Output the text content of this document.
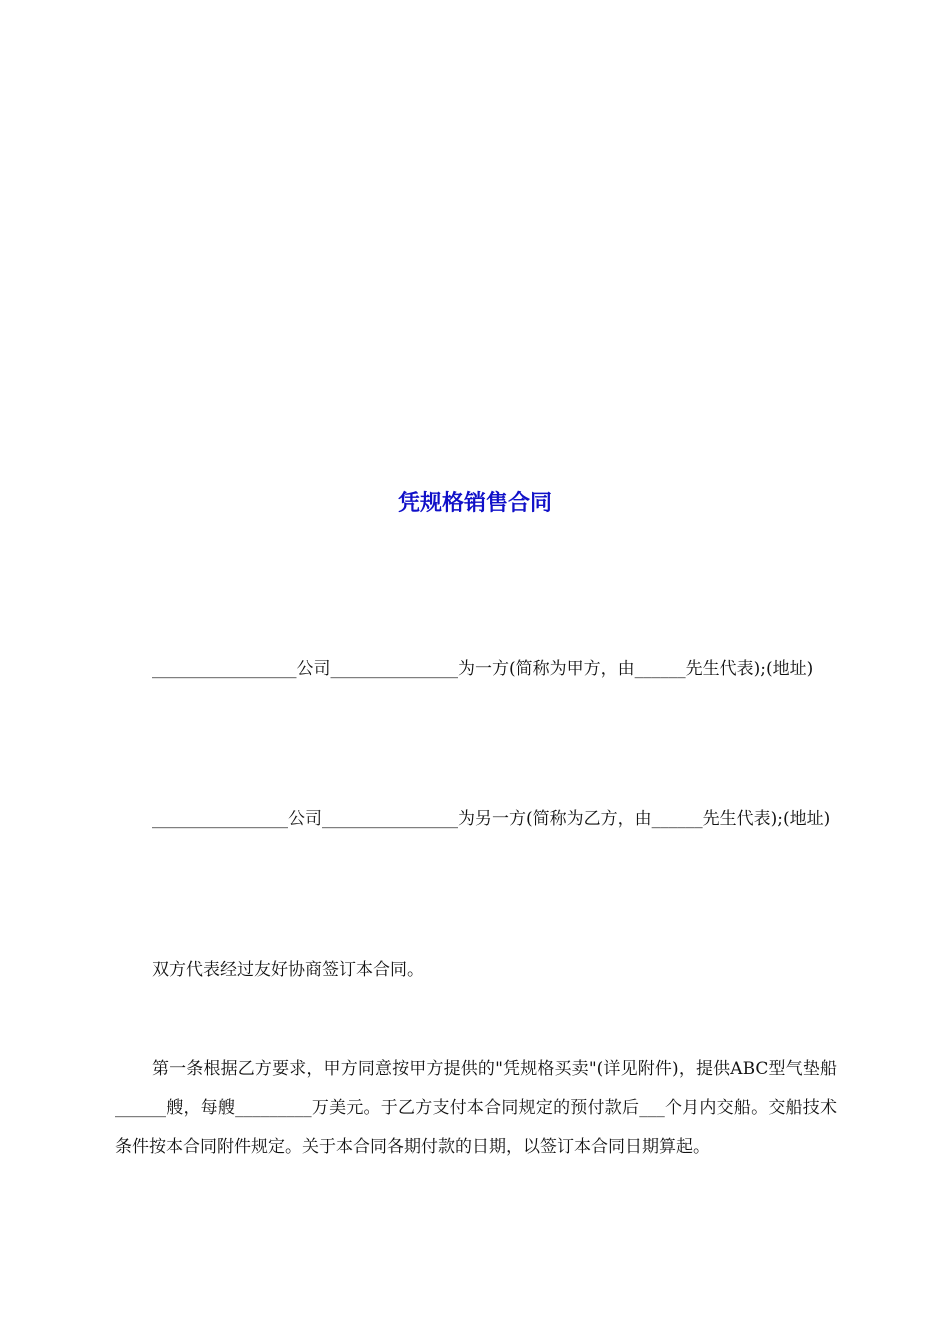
凭规格销售合同

_________________公司_______________为一方(简称为甲方，由______先生代表);(地址)

________________公司________________为另一方(简称为乙方，由______先生代表);(地址)

双方代表经过友好协商签订本合同。

第一条根据乙方要求，甲方同意按甲方提供的"凭规格买卖"(详见附件)，提供ABC型气垫船______艘，每艘_________万美元。于乙方支付本合同规定的预付款后___个月内交船。交船技术条件按本合同附件规定。关于本合同各期付款的日期，以签订本合同日期算起。
